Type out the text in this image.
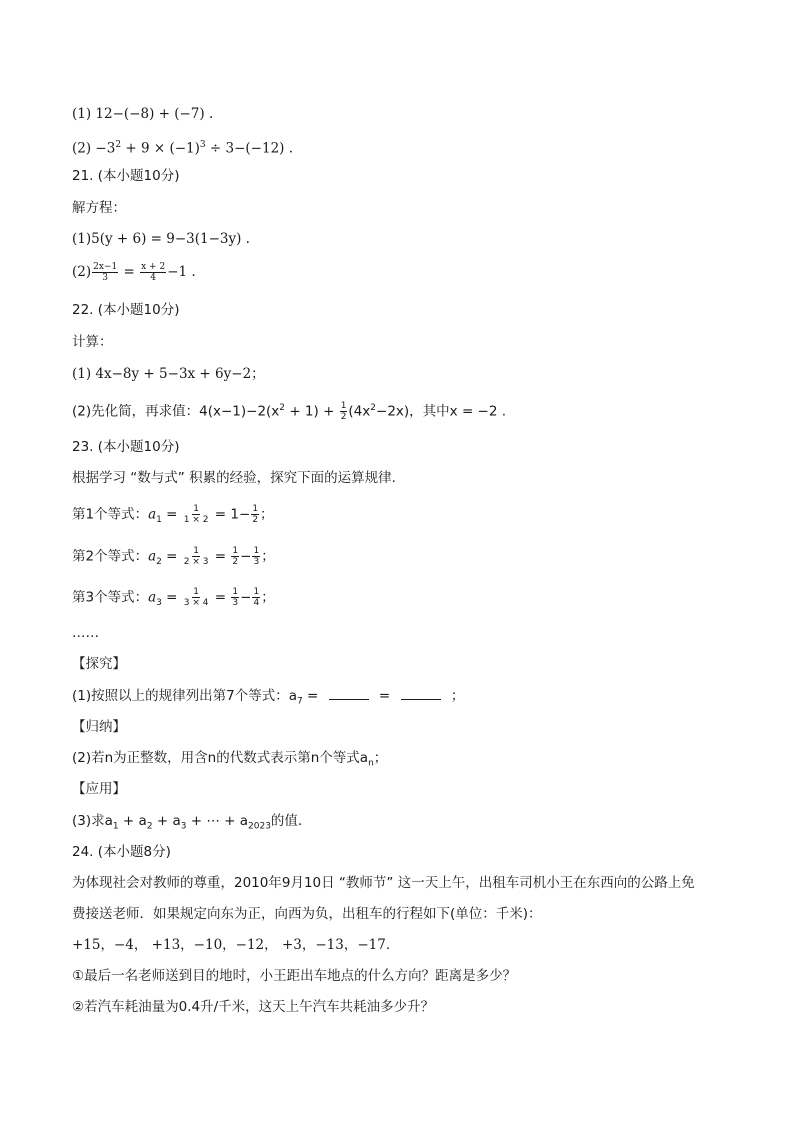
(1) 12−(−8) + (−7) .
$(2) -3^2 + 9 \times (-1)^3 \div 3-(-12)$ .
21. (本小题10分)
解方程：
(1)5(y + 6) = 9−3(1−3y) .
$(2) \frac{2x-1}{3} = \frac{x + 2}{4} -1$ .
22. (本小题10分)
计算：
(1) 4x−8y + 5−3x + 6y−2；
(2)先化简，再求值：$4(x-1)-2(x^2 + 1) + \frac{1}{2} (4x^2-2x)$，其中x = −2 .
23. (本小题10分)
根据学习 “数与式” 积累的经验，探究下面的运算规律．
第1个等式：$a_1 = \frac{1}{1 \times 2} = 1- \frac{1}{2}$ ；
第2个等式：$a_2 = \frac{1}{2 \times 3} = \frac{1}{2} - \frac{1}{3}$ ；
第3个等式：$a_3 = \frac{1}{3 \times 4} = \frac{1}{3} - \frac{1}{4}$ ；
……
【探究】
(1)按照以上的规律列出第7个等式：$a_7$ =	=	；
【归纳】
(2)若n为正整数，用含n的代数式表示第n个等式$a_n$；
【应用】
(3)求$a_1 + a_2 + a_3$ + ⋯ + $a_{2023}$的值．
24. (本小题8分)
为体现社会对教师的尊重，2010年9月10日 “教师节” 这一天上午，出租车司机小王在东西向的公路上免
费接送老师．如果规定向东为正，向西为负，出租车的行程如下(单位：千米)：
+15，−4， +13，−10，−12， +3，−13，−17．
①最后一名老师送到目的地时，小王距出车地点的什么方向？距离是多少？
②若汽车耗油量为0.4升/千米，这天上午汽车共耗油多少升？
